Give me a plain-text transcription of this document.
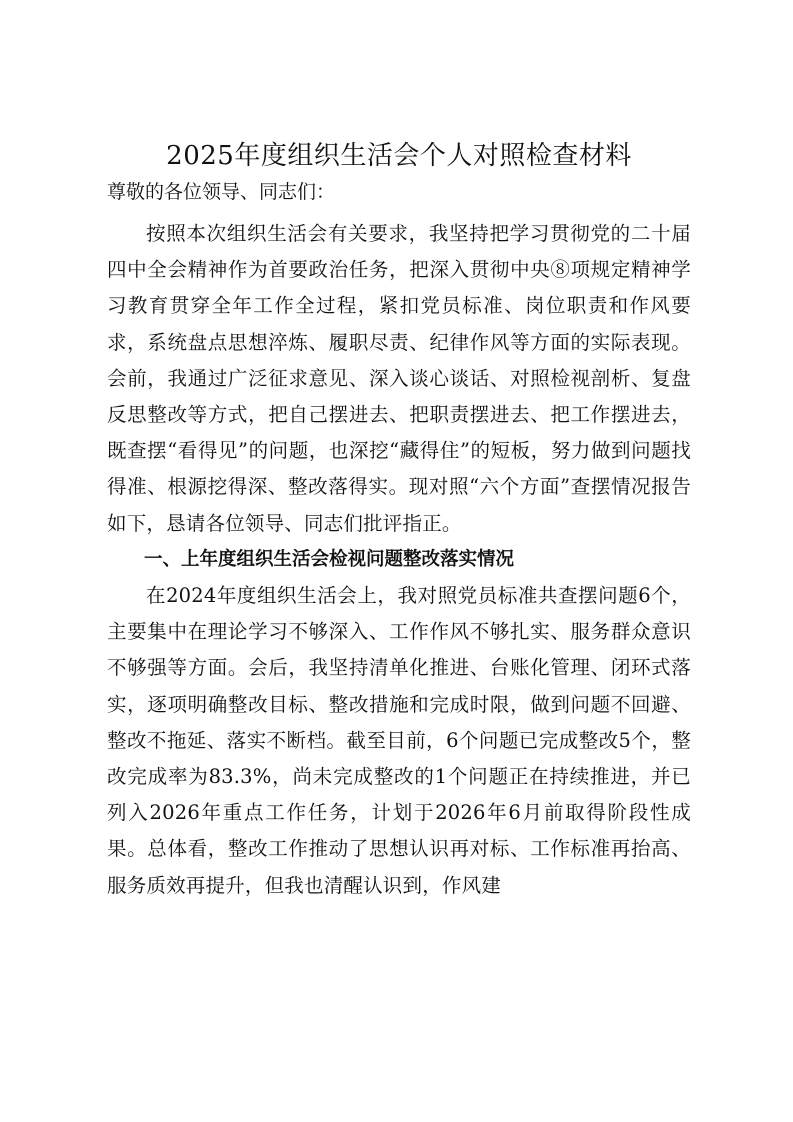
2025年度组织生活会个人对照检查材料

尊敬的各位领导、同志们：

按照本次组织生活会有关要求，我坚持把学习贯彻党的二十届四中全会精神作为首要政治任务，把深入贯彻中央⑧项规定精神学习教育贯穿全年工作全过程，紧扣党员标准、岗位职责和作风要求，系统盘点思想淬炼、履职尽责、纪律作风等方面的实际表现。会前，我通过广泛征求意见、深入谈心谈话、对照检视剖析、复盘反思整改等方式，把自己摆进去、把职责摆进去、把工作摆进去，既查摆“看得见”的问题，也深挖“藏得住”的短板，努力做到问题找得准、根源挖得深、整改落得实。现对照“六个方面”查摆情况报告如下，恳请各位领导、同志们批评指正。

一、上年度组织生活会检视问题整改落实情况

在2024年度组织生活会上，我对照党员标准共查摆问题6个，主要集中在理论学习不够深入、工作作风不够扎实、服务群众意识不够强等方面。会后，我坚持清单化推进、台账化管理、闭环式落实，逐项明确整改目标、整改措施和完成时限，做到问题不回避、整改不拖延、落实不断档。截至目前，6个问题已完成整改5个，整改完成率为83.3%，尚未完成整改的1个问题正在持续推进，并已列入2026年重点工作任务，计划于2026年6月前取得阶段性成果。总体看，整改工作推动了思想认识再对标、工作标准再抬高、服务质效再提升，但我也清醒认识到，作风建
